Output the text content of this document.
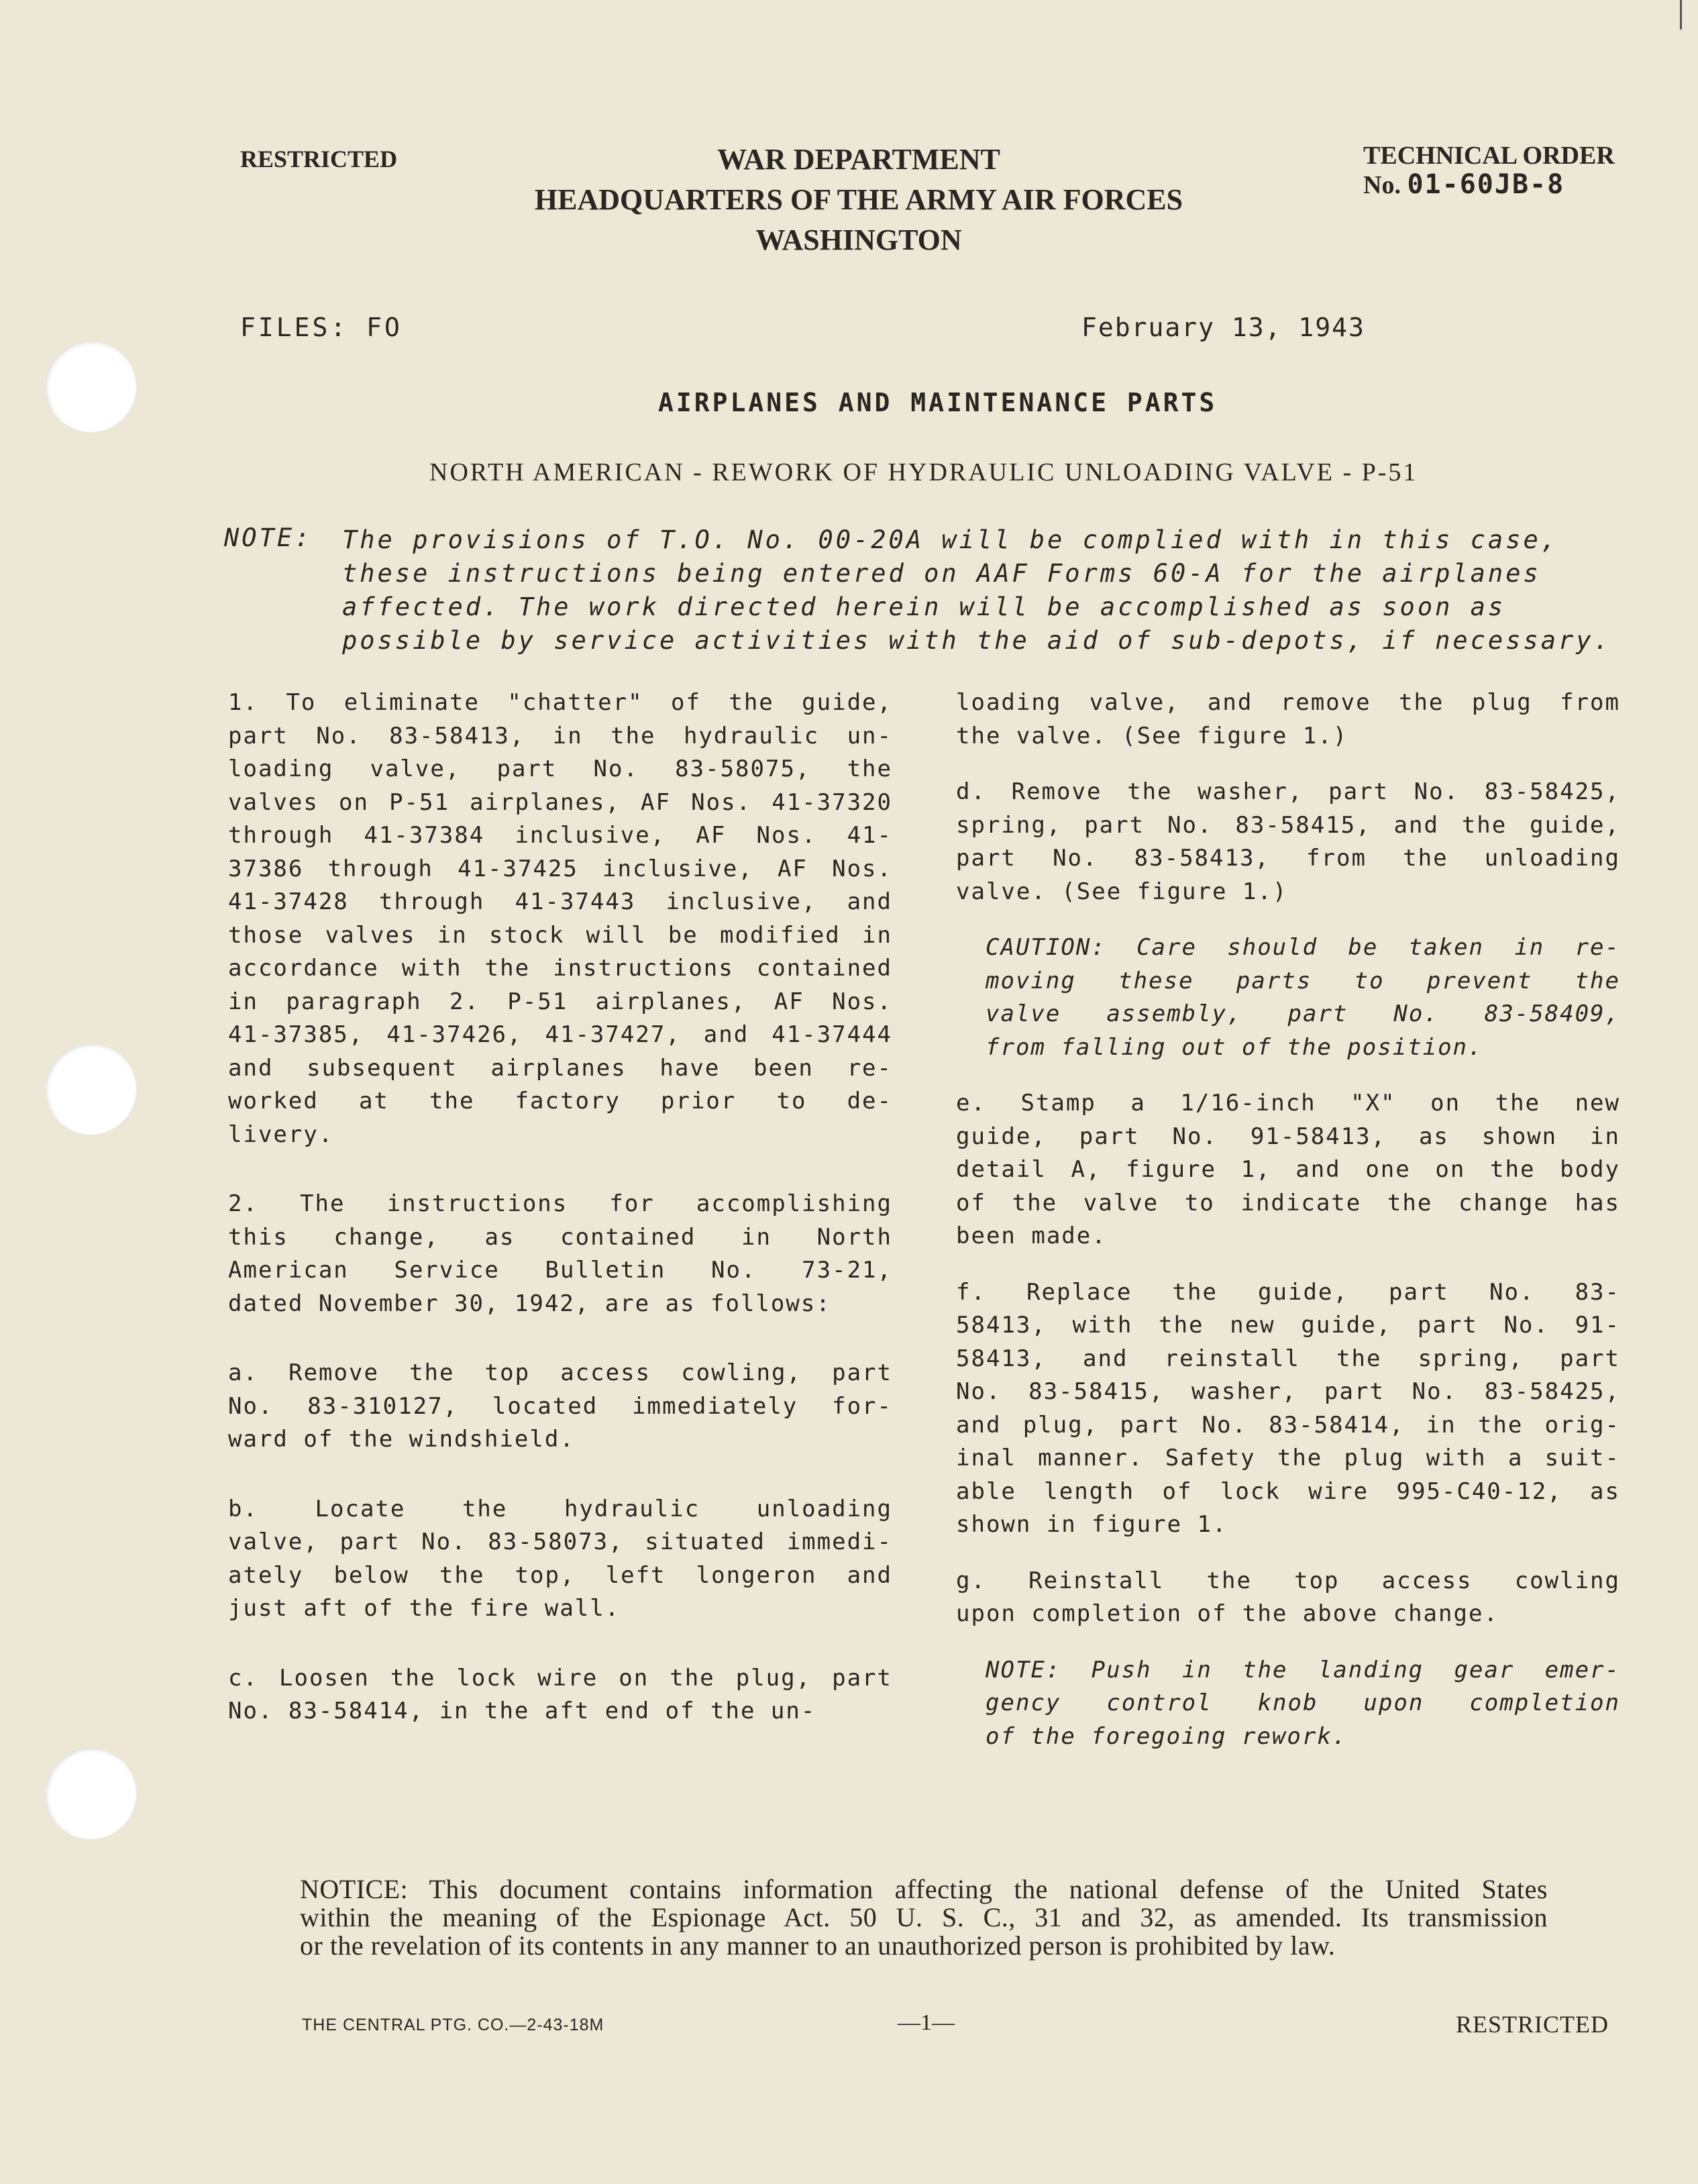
RESTRICTED	WAR DEPARTMENT
HEADQUARTERS OF THE ARMY AIR FORCES
WASHINGTON
TECHNICAL ORDER
No. 01-60JB-8
FILES: FO	February 13, 1943
AIRPLANES AND MAINTENANCE PARTS
NORTH AMERICAN - REWORK OF HYDRAULIC UNLOADING VALVE - P-51
NOTE: The provisions of T.O. No. 00-20A will be complied with in this case,
these instructions being entered on AAF Forms 60-A for the airplanes
affected. The work directed herein will be accomplished as soon as
possible by service activities with the aid of sub-depots, if necessary.
1. To eliminate "chatter" of the guide,
part No. 83-58413, in the hydraulic un-
loading valve, part No. 83-58075, the
valves on P-51 airplanes, AF Nos. 41-37320
through 41-37384 inclusive, AF Nos. 41-
37386 through 41-37425 inclusive, AF Nos.
41-37428 through 41-37443 inclusive, and
those valves in stock will be modified in
accordance with the instructions contained
in paragraph 2. P-51 airplanes, AF Nos.
41-37385, 41-37426, 41-37427, and 41-37444
and subsequent airplanes have been re-
worked at the factory prior to de-
livery.
2. The instructions for accomplishing
this change, as contained in North
American Service Bulletin No. 73-21,
dated November 30, 1942, are as follows:
a. Remove the top access cowling, part
No. 83-310127, located immediately for-
ward of the windshield.
b. Locate the hydraulic unloading
valve, part No. 83-58073, situated immedi-
ately below the top, left longeron and
just aft of the fire wall.
c. Loosen the lock wire on the plug, part
No. 83-58414, in the aft end of the un-
loading valve, and remove the plug from
the valve. (See figure 1.)
d. Remove the washer, part No. 83-58425,
spring, part No. 83-58415, and the guide,
part No. 83-58413, from the unloading
valve. (See figure 1.)
CAUTION: Care should be taken in re-
moving these parts to prevent the
valve assembly, part No. 83-58409,
from falling out of the position.
e. Stamp a 1/16-inch "X" on the new
guide, part No. 91-58413, as shown in
detail A, figure 1, and one on the body
of the valve to indicate the change has
been made.
f. Replace the guide, part No. 83-
58413, with the new guide, part No. 91-
58413, and reinstall the spring, part
No. 83-58415, washer, part No. 83-58425,
and plug, part No. 83-58414, in the orig-
inal manner. Safety the plug with a suit-
able length of lock wire 995-C40-12, as
shown in figure 1.
g. Reinstall the top access cowling
upon completion of the above change.
NOTE: Push in the landing gear emer-
gency control knob upon completion
of the foregoing rework.
NOTICE: This document contains information affecting the national defense of the United States
within the meaning of the Espionage Act. 50 U. S. C., 31 and 32, as amended. Its transmission
or the revelation of its contents in any manner to an unauthorized person is prohibited by law.
THE CENTRAL PTG. CO.—2-43-18M	—1—	RESTRICTED
